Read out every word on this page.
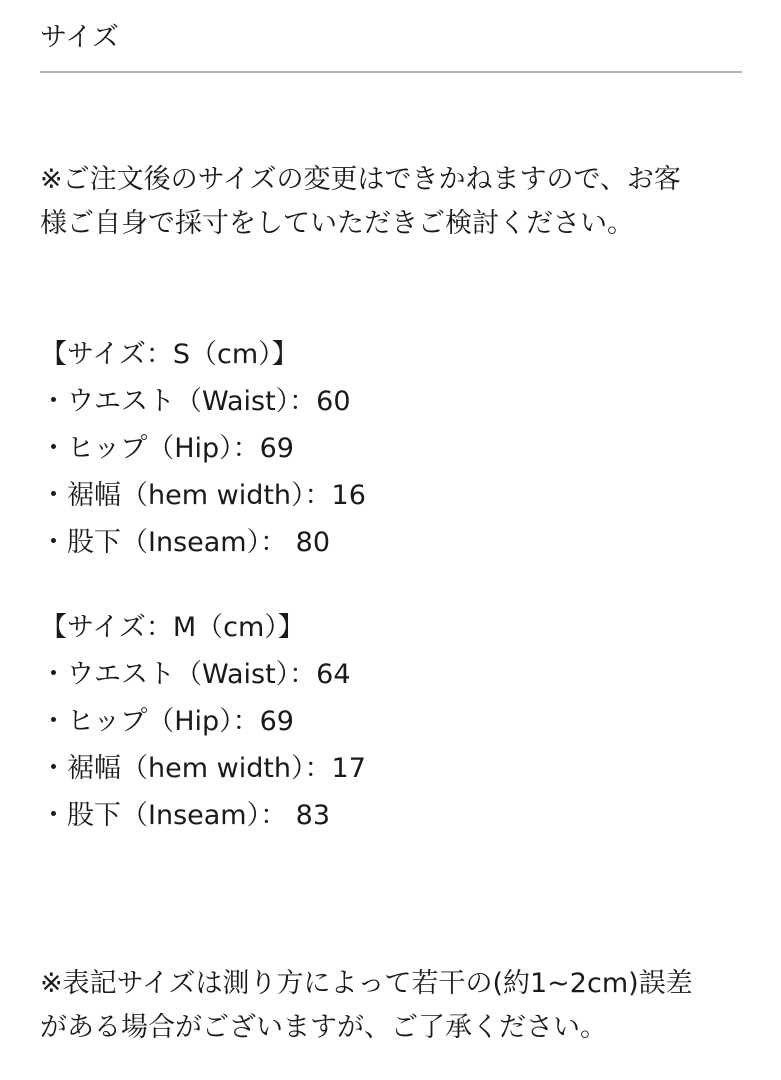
サイズ
※ご注文後のサイズの変更はできかねますので、お客
様ご自身で採寸をしていただきご検討ください。
【サイズ：S（cm）】
・ウエスト（Waist）：60
・ヒップ（Hip）：69
・裾幅（hem width）：16
・股下（Inseam）： 80
【サイズ：M（cm）】
・ウエスト（Waist）：64
・ヒップ（Hip）：69
・裾幅（hem width）：17
・股下（Inseam）： 83
※表記サイズは測り方によって若干の(約1~2cm)誤差
がある場合がございますが、ご了承ください。
